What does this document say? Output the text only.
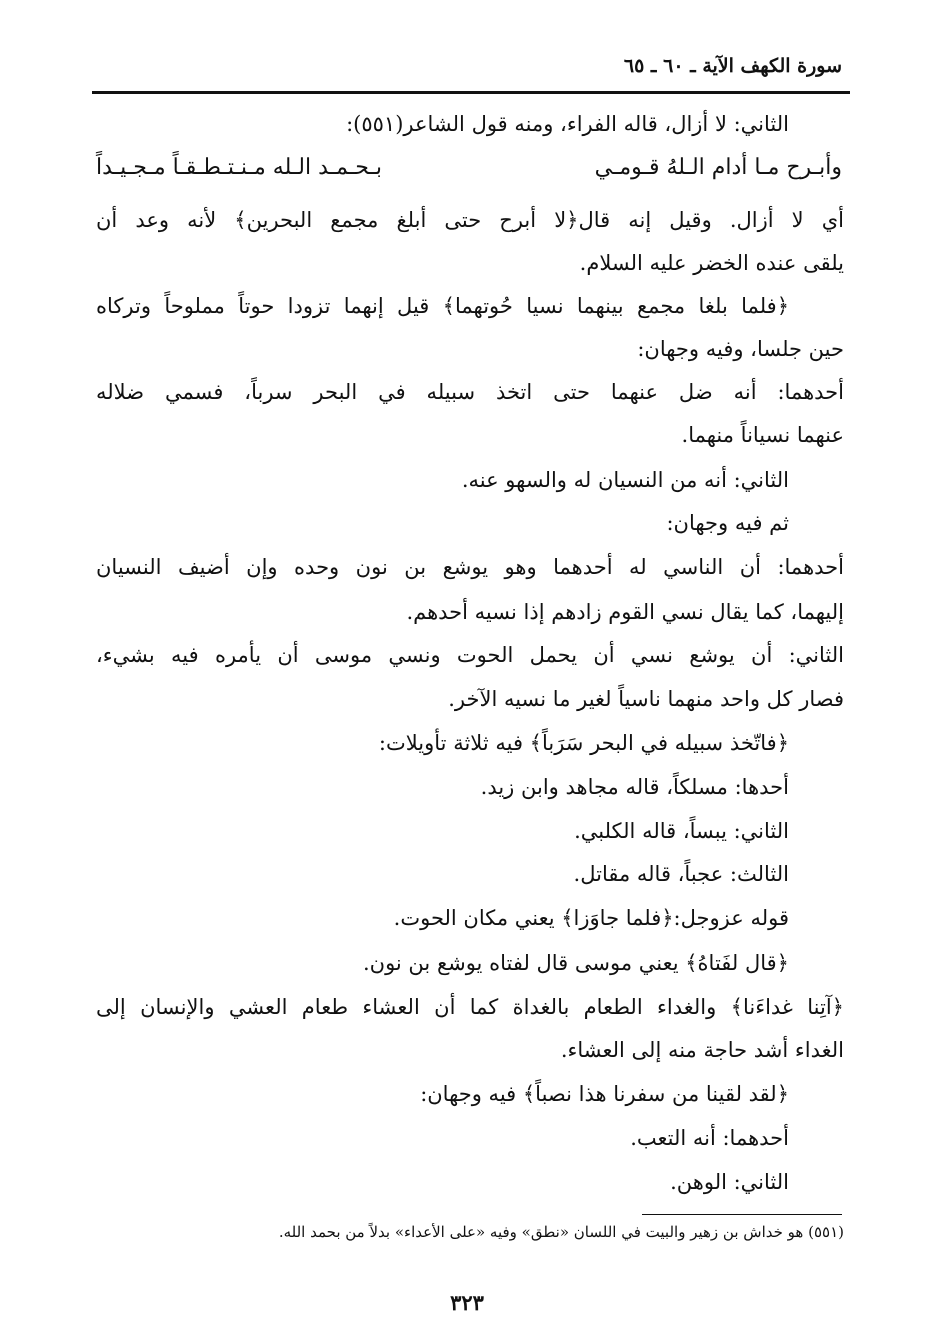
سورة الكهف الآية ـ ٦٠ ـ ٦٥
الثاني: لا أزال، قاله الفراء، ومنه قول الشاعر(٥٥١):
وأبـرح مـا أدام الـلهُ قـومـي
بـحـمـد الـله مـنـتـطـقـاً مـجـيـداً
أي لا أزال. وقيل إنه قال﴿لا أبرح حتى أبلغ مجمع البحرين﴾ لأنه وعد أن
يلقى عنده الخضر عليه السلام.
﴿فلما بلغا مجمع بينهما نسيا حُوتهما﴾ قيل إنهما تزودا حوتاً مملوحاً وتركاه
حين جلسا، وفيه وجهان:
أحدهما: أنه ضل عنهما حتى اتخذ سبيله في البحر سرباً، فسمي ضلاله
عنهما نسياناً منهما.
الثاني: أنه من النسيان له والسهو عنه.
ثم فيه وجهان:
أحدهما: أن الناسي له أحدهما وهو يوشع بن نون وحده وإن أضيف النسيان
إليهما، كما يقال نسي القوم زادهم إذا نسيه أحدهم.
الثاني: أن يوشع نسي أن يحمل الحوت ونسي موسى أن يأمره فيه بشيء،
فصار كل واحد منهما ناسياً لغير ما نسيه الآخر.
﴿فاتّخذ سبيله في البحر سَرَباً﴾ فيه ثلاثة تأويلات:
أحدها: مسلكاً، قاله مجاهد وابن زيد.
الثاني: يبساً، قاله الكلبي.
الثالث: عجباً، قاله مقاتل.
قوله عزوجل:﴿فلما جاوَزا﴾ يعني مكان الحوت.
﴿قال لفَتاهُ﴾ يعني موسى قال لفتاه يوشع بن نون.
﴿آتِنا غداءَنا﴾ والغداء الطعام بالغداة كما أن العشاء طعام العشي والإنسان إلى
الغداء أشد حاجة منه إلى العشاء.
﴿لقد لقينا من سفرنا هذا نصباً﴾ فيه وجهان:
أحدهما: أنه التعب.
الثاني: الوهن.
(٥٥١) هو خداش بن زهير والبيت في اللسان «نطق» وفيه «على الأعداء» بدلاً من بحمد الله.
٣٢٣
